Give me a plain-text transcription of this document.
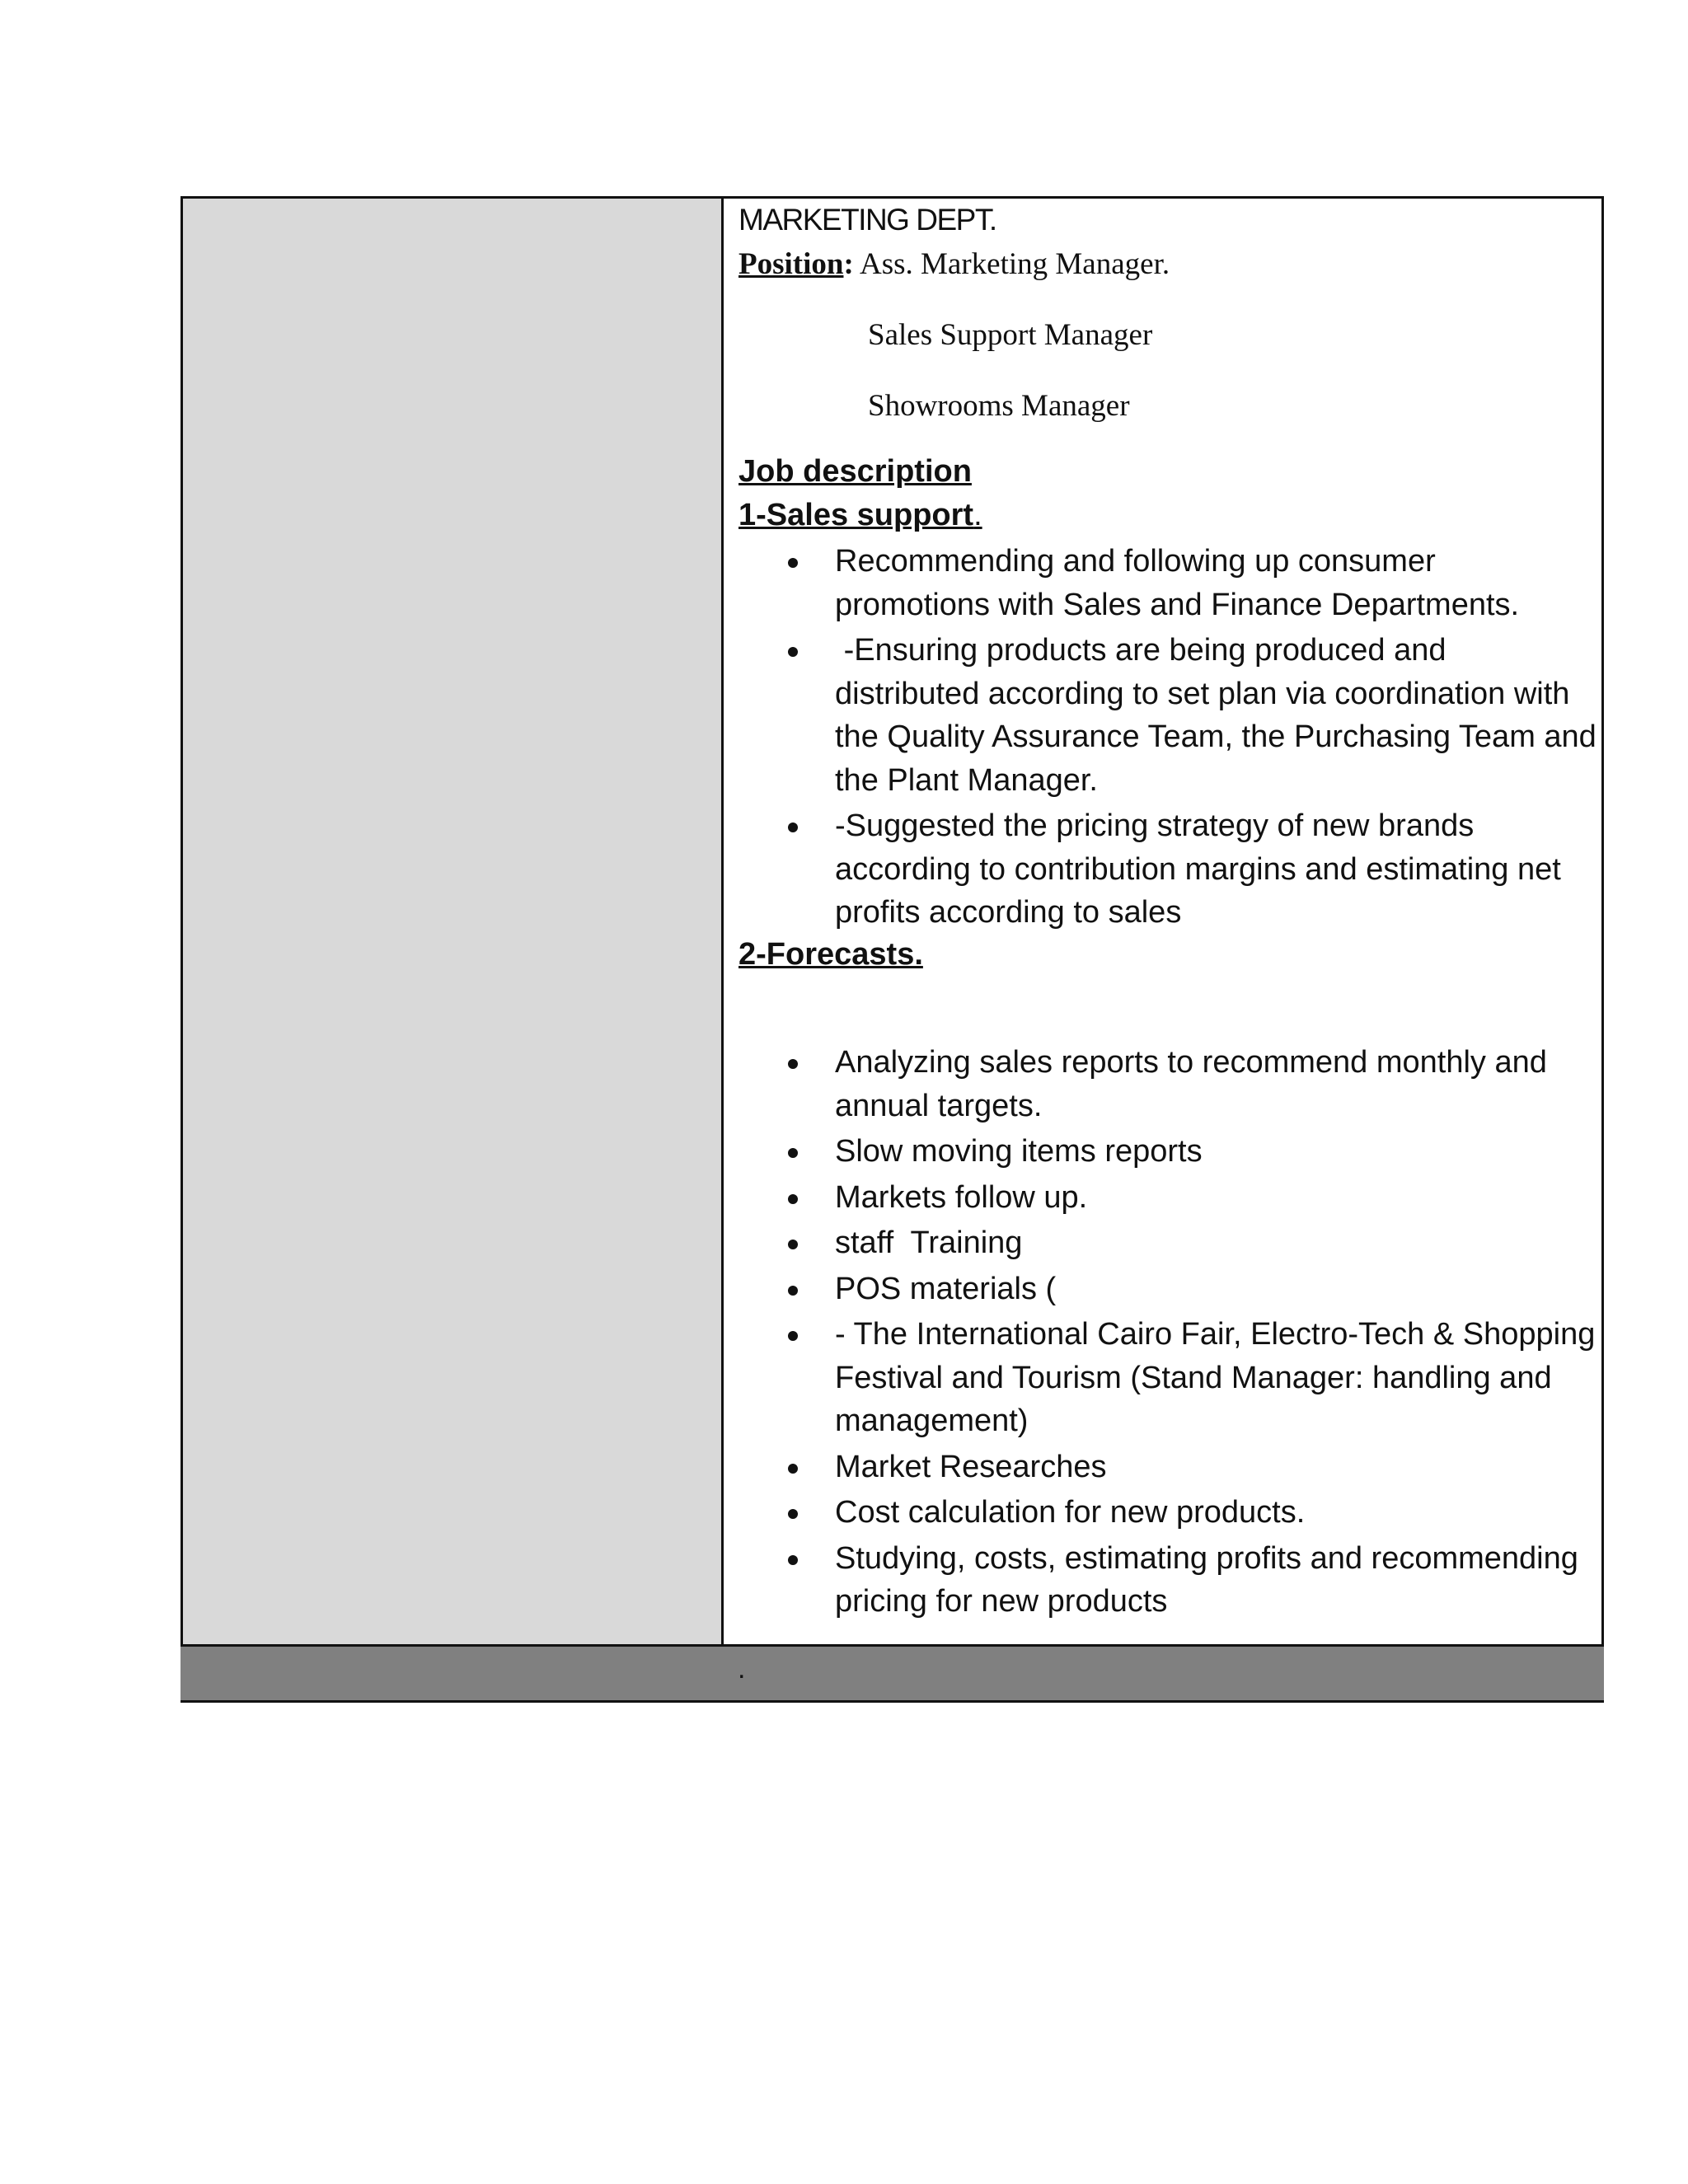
MARKETING DEPT.
Position: Ass. Marketing Manager.
Sales Support Manager
Showrooms Manager
Job description
1-Sales support.
Recommending and following up consumer promotions with Sales and Finance Departments.
-Ensuring products are being produced and distributed according to set plan via coordination with the Quality Assurance Team, the Purchasing Team and the Plant Manager.
-Suggested the pricing strategy of new brands according to contribution margins and estimating net profits according to sales
2-Forecasts.
Analyzing sales reports to recommend monthly and annual targets.
Slow moving items reports
Markets follow up.
staff  Training
POS materials (
- The International Cairo Fair, Electro-Tech & Shopping Festival and Tourism (Stand Manager: handling and management)
Market Researches
Cost calculation for new products.
Studying, costs, estimating profits and recommending pricing for new products
.
